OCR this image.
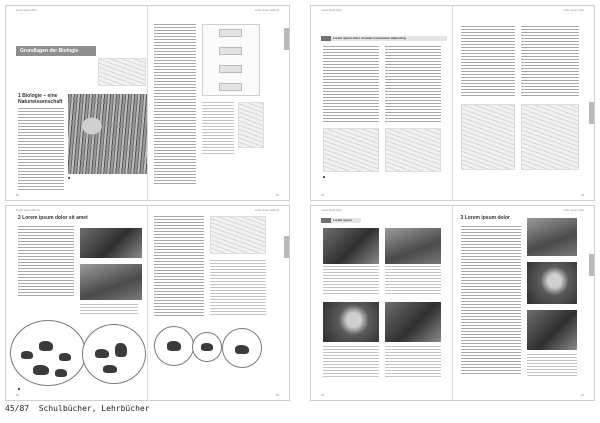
Lorem ipsum dolor
Grundlagen der Biologie
1 Biologie – eine Naturwissenschaft
10
Lorem ipsum dolor sit
11
Lorem ipsum dolor
Lorem ipsum dolor sit amet consectetur adipiscing
12
Lorem ipsum dolor
13
Lorem ipsum dolor sit
2 Lorem ipsum dolor sit amet
14
Lorem ipsum dolor sit
15
Lorem ipsum dolor
Lorem ipsum
16
Lorem ipsum dolor
3 Lorem ipsum dolor
17
45/87 Schulbücher, Lehrbücher
